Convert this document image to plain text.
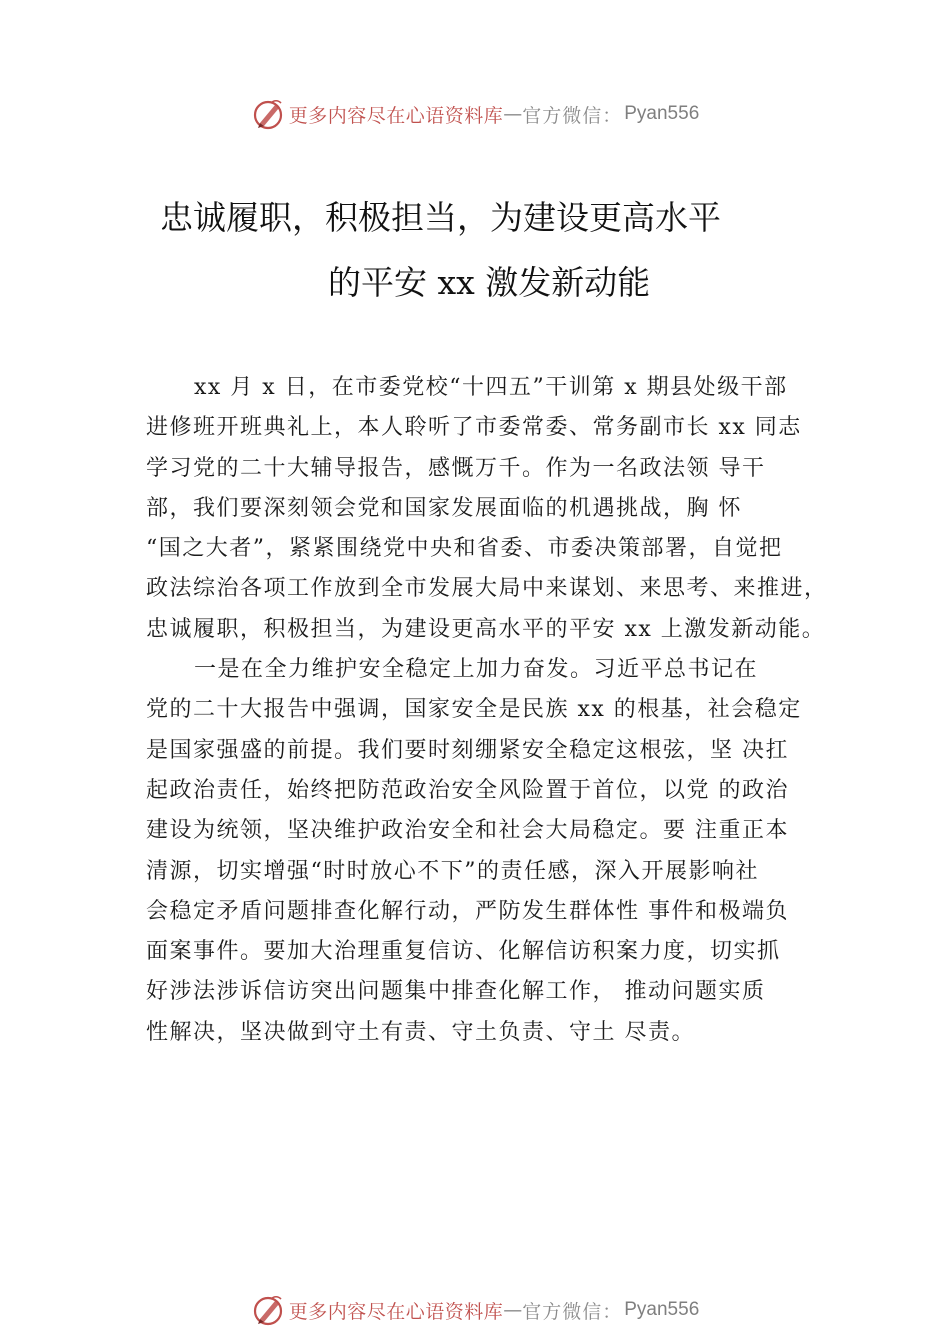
更多内容尽在心语资料库 — 官方微信： Pyan556
忠诚履职，积极担当，为建设更高水平
的平安 xx 激发新动能
xx 月 x 日，在市委党校“十四五”干训第 x 期县处级干部
进修班开班典礼上，本人聆听了市委常委、常务副市长 xx 同志
学习党的二十大辅导报告，感慨万千。作为一名政法领 导干
部，我们要深刻领会党和国家发展面临的机遇挑战，胸 怀
“国之大者”，紧紧围绕党中央和省委、市委决策部署，自觉把
政法综治各项工作放到全市发展大局中来谋划、来思考、来推进，
忠诚履职，积极担当，为建设更高水平的平安 xx 上激发新动能。
一是在全力维护安全稳定上加力奋发。习近平总书记在
党的二十大报告中强调，国家安全是民族 xx 的根基，社会稳定
是国家强盛的前提。我们要时刻绷紧安全稳定这根弦，坚 决扛
起政治责任，始终把防范政治安全风险置于首位，以党 的政治
建设为统领，坚决维护政治安全和社会大局稳定。要 注重正本
清源，切实增强“时时放心不下”的责任感，深入开展影响社
会稳定矛盾问题排查化解行动，严防发生群体性 事件和极端负
面案事件。要加大治理重复信访、化解信访积案力度，切实抓
好涉法涉诉信访突出问题集中排查化解工作， 推动问题实质
性解决，坚决做到守土有责、守土负责、守土 尽责。
更多内容尽在心语资料库 — 官方微信： Pyan556
